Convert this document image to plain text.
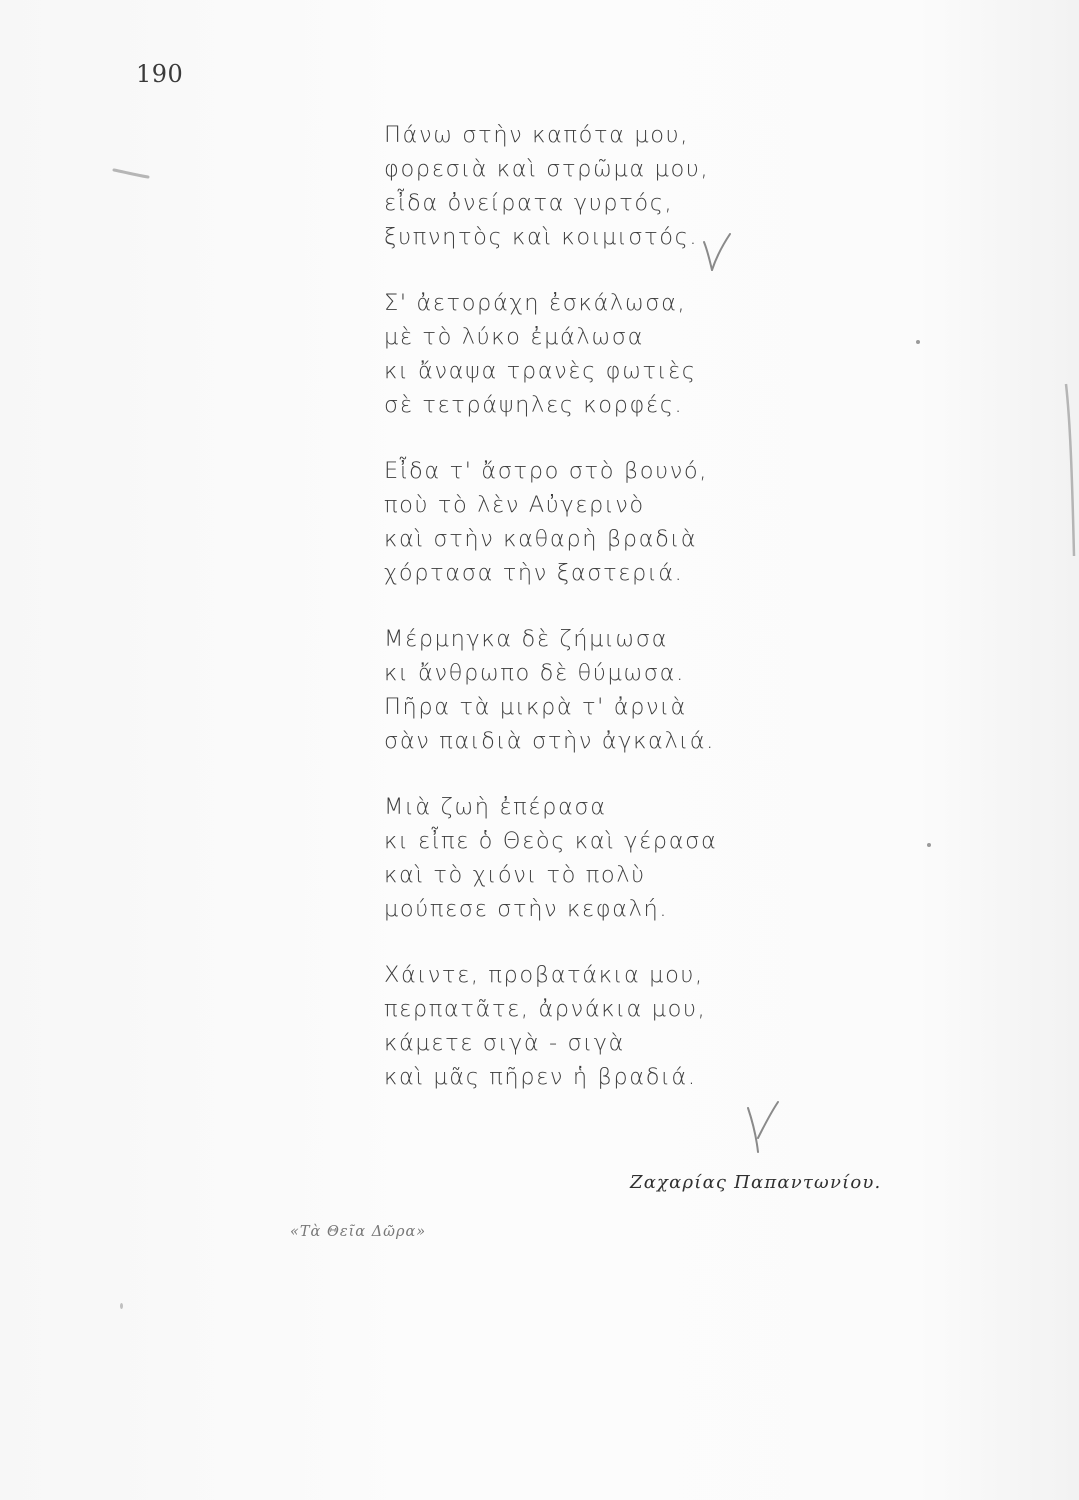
190
Πάνω στὴν καπότα μου,
φορεσιὰ καὶ στρῶμα μου,
εἶδα ὀνείρατα γυρτός,
ξυπνητὸς καὶ κοιμιστός.
Σ' ἀετοράχη ἐσκάλωσα,
μὲ τὸ λύκο ἐμάλωσα
κι ἄναψα τρανὲς φωτιὲς
σὲ τετράψηλες κορφές.
Εἶδα τ' ἄστρο στὸ βουνό,
ποὺ τὸ λὲν Αὐγερινὸ
καὶ στὴν καθαρὴ βραδιὰ
χόρτασα τὴν ξαστεριά.
Μέρμηγκα δὲ ζήμιωσα
κι ἄνθρωπο δὲ θύμωσα.
Πῆρα τὰ μικρὰ τ' ἀρνιὰ
σὰν παιδιὰ στὴν ἀγκαλιά.
Μιὰ ζωὴ ἐπέρασα
κι εἶπε ὁ Θεὸς καὶ γέρασα
καὶ τὸ χιόνι τὸ πολὺ
μούπεσε στὴν κεφαλή.
Χάιντε, προβατάκια μου,
περπατᾶτε, ἀρνάκια μου,
κάμετε σιγὰ - σιγὰ
καὶ μᾶς πῆρεν ἡ βραδιά.
Ζαχαρίας Παπαντωνίου.
«Τὰ Θεῖα Δῶρα»
